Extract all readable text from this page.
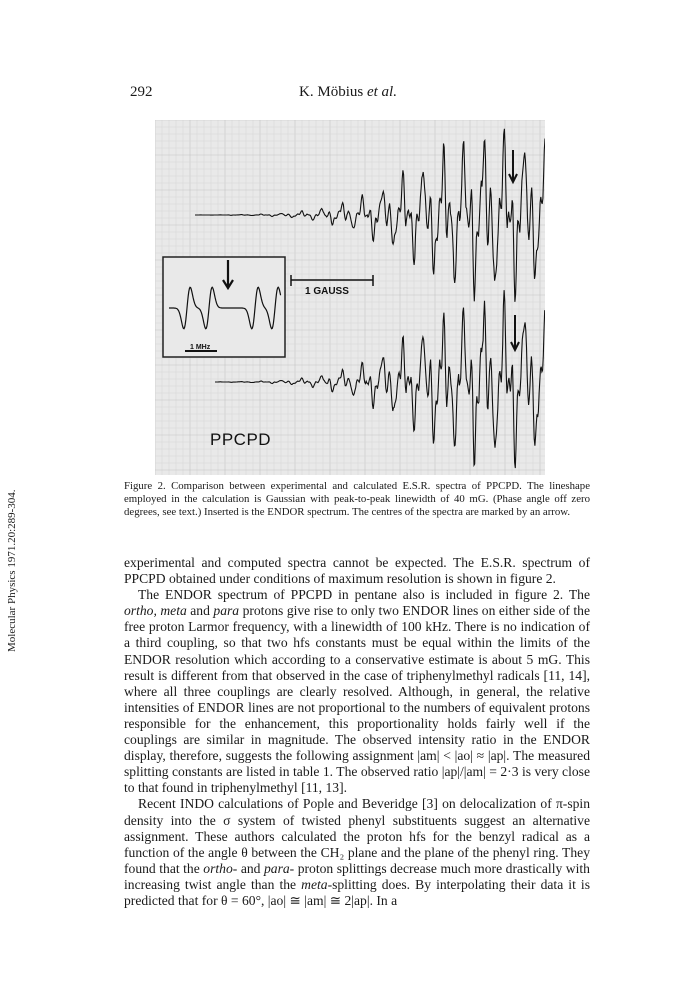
292	K. Möbius et al.
Molecular Physics 1971.20:289-304.
1 MHz
1 GAUSS
PPCPD
Figure 2. Comparison between experimental and calculated E.S.R. spectra of PPCPD. The lineshape employed in the calculation is Gaussian with peak-to-peak linewidth of 40 mG. (Phase angle off zero degrees, see text.) Inserted is the ENDOR spectrum. The centres of the spectra are marked by an arrow.

experimental and computed spectra cannot be expected. The E.S.R. spectrum of PPCPD obtained under conditions of maximum resolution is shown in figure 2.

The ENDOR spectrum of PPCPD in pentane also is included in figure 2. The ortho, meta and para protons give rise to only two ENDOR lines on either side of the free proton Larmor frequency, with a linewidth of 100 kHz. There is no indication of a third coupling, so that two hfs constants must be equal within the limits of the ENDOR resolution which according to a conservative estimate is about 5 mG. This result is different from that observed in the case of triphenylmethyl radicals [11, 14], where all three couplings are clearly resolved. Although, in general, the relative intensities of ENDOR lines are not proportional to the numbers of equivalent protons responsible for the enhancement, this proportionality holds fairly well if the couplings are similar in magnitude. The observed intensity ratio in the ENDOR display, therefore, suggests the following assignment |am| < |ao| ≈ |ap|. The measured splitting constants are listed in table 1. The observed ratio |ap|/|am| = 2·3 is very close to that found in triphenylmethyl [11, 13].

Recent INDO calculations of Pople and Beveridge [3] on delocalization of π-spin density into the σ system of twisted phenyl substituents suggest an alternative assignment. These authors calculated the proton hfs for the benzyl radical as a function of the angle θ between the CH₂ plane and the plane of the phenyl ring. They found that the ortho- and para- proton splittings decrease much more drastically with increasing twist angle than the meta-splitting does. By interpolating their data it is predicted that for θ = 60°, |ao| ≅ |am| ≅ 2|ap|. In a
